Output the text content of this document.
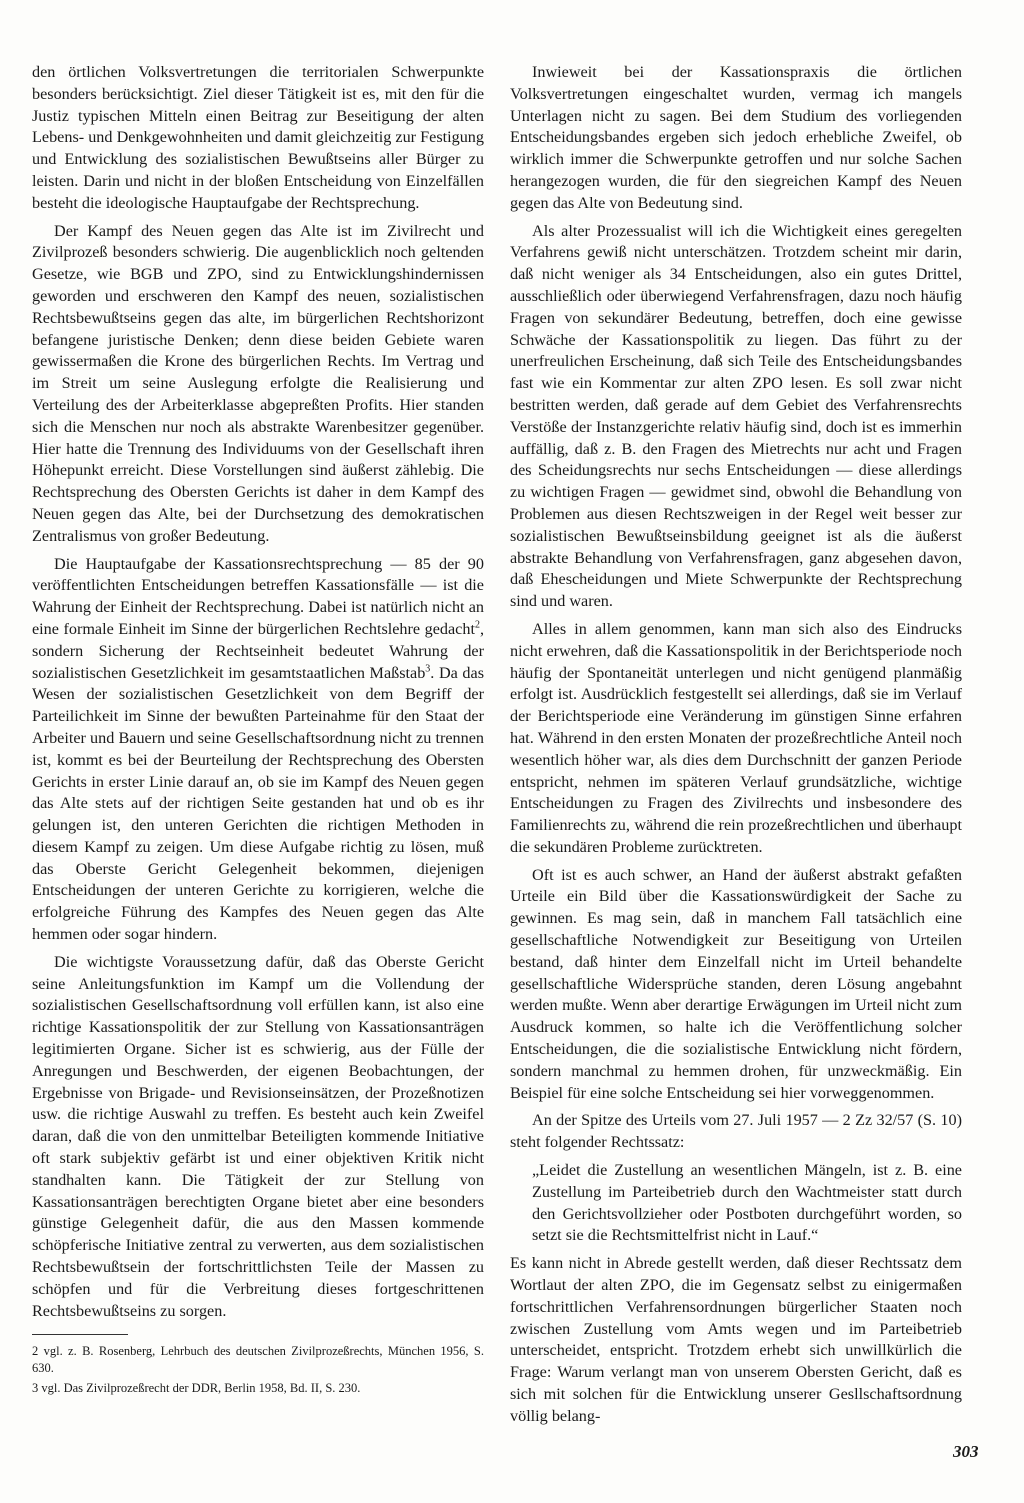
den örtlichen Volksvertretungen die territorialen Schwerpunkte besonders berücksichtigt. Ziel dieser Tätigkeit ist es, mit den für die Justiz typischen Mitteln einen Beitrag zur Beseitigung der alten Lebens- und Denkgewohnheiten und damit gleichzeitig zur Festigung und Entwicklung des sozialistischen Bewußtseins aller Bürger zu leisten. Darin und nicht in der bloßen Entscheidung von Einzelfällen besteht die ideologische Hauptaufgabe der Rechtsprechung.

Der Kampf des Neuen gegen das Alte ist im Zivilrecht und Zivilprozeß besonders schwierig. Die augenblicklich noch geltenden Gesetze, wie BGB und ZPO, sind zu Entwicklungshindernissen geworden und erschweren den Kampf des neuen, sozialistischen Rechtsbewußtseins gegen das alte, im bürgerlichen Rechtshorizont befangene juristische Denken; denn diese beiden Gebiete waren gewissermaßen die Krone des bürgerlichen Rechts. Im Vertrag und im Streit um seine Auslegung erfolgte die Realisierung und Verteilung des der Arbeiterklasse abgepreßten Profits. Hier standen sich die Menschen nur noch als abstrakte Warenbesitzer gegenüber. Hier hatte die Trennung des Individuums von der Gesellschaft ihren Höhepunkt erreicht. Diese Vorstellungen sind äußerst zählebig. Die Rechtsprechung des Obersten Gerichts ist daher in dem Kampf des Neuen gegen das Alte, bei der Durchsetzung des demokratischen Zentralismus von großer Bedeutung.

Die Hauptaufgabe der Kassationsrechtsprechung — 85 der 90 veröffentlichten Entscheidungen betreffen Kassationsfälle — ist die Wahrung der Einheit der Rechtsprechung. Dabei ist natürlich nicht an eine formale Einheit im Sinne der bürgerlichen Rechtslehre gedacht$^2$, sondern Sicherung der Rechtseinheit bedeutet Wahrung der sozialistischen Gesetzlichkeit im gesamtstaatlichen Maßstab$^3$. Da das Wesen der sozialistischen Gesetzlichkeit von dem Begriff der Parteilichkeit im Sinne der bewußten Parteinahme für den Staat der Arbeiter und Bauern und seine Gesellschaftsordnung nicht zu trennen ist, kommt es bei der Beurteilung der Rechtsprechung des Obersten Gerichts in erster Linie darauf an, ob sie im Kampf des Neuen gegen das Alte stets auf der richtigen Seite gestanden hat und ob es ihr gelungen ist, den unteren Gerichten die richtigen Methoden in diesem Kampf zu zeigen. Um diese Aufgabe richtig zu lösen, muß das Oberste Gericht Gelegenheit bekommen, diejenigen Entscheidungen der unteren Gerichte zu korrigieren, welche die erfolgreiche Führung des Kampfes des Neuen gegen das Alte hemmen oder sogar hindern.

Die wichtigste Voraussetzung dafür, daß das Oberste Gericht seine Anleitungsfunktion im Kampf um die Vollendung der sozialistischen Gesellschaftsordnung voll erfüllen kann, ist also eine richtige Kassationspolitik der zur Stellung von Kassationsanträgen legitimierten Organe. Sicher ist es schwierig, aus der Fülle der Anregungen und Beschwerden, der eigenen Beobachtungen, der Ergebnisse von Brigade- und Revisionseinsätzen, der Prozeßnotizen usw. die richtige Auswahl zu treffen. Es besteht auch kein Zweifel daran, daß die von den unmittelbar Beteiligten kommende Initiative oft stark subjektiv gefärbt ist und einer objektiven Kritik nicht standhalten kann. Die Tätigkeit der zur Stellung von Kassationsanträgen berechtigten Organe bietet aber eine besonders günstige Gelegenheit dafür, die aus den Massen kommende schöpferische Initiative zentral zu verwerten, aus dem sozialistischen Rechtsbewußtsein der fortschrittlichsten Teile der Massen zu schöpfen und für die Verbreitung dieses fortgeschrittenen Rechtsbewußtseins zu sorgen.

2 vgl. z. B. Rosenberg, Lehrbuch des deutschen Zivilprozeßrechts, München 1956, S. 630.

3 vgl. Das Zivilprozeßrecht der DDR, Berlin 1958, Bd. II, S. 230.

Inwieweit bei der Kassationspraxis die örtlichen Volksvertretungen eingeschaltet wurden, vermag ich mangels Unterlagen nicht zu sagen. Bei dem Studium des vorliegenden Entscheidungsbandes ergeben sich jedoch erhebliche Zweifel, ob wirklich immer die Schwerpunkte getroffen und nur solche Sachen herangezogen wurden, die für den siegreichen Kampf des Neuen gegen das Alte von Bedeutung sind.

Als alter Prozessualist will ich die Wichtigkeit eines geregelten Verfahrens gewiß nicht unterschätzen. Trotzdem scheint mir darin, daß nicht weniger als 34 Entscheidungen, also ein gutes Drittel, ausschließlich oder überwiegend Verfahrensfragen, dazu noch häufig Fragen von sekundärer Bedeutung, betreffen, doch eine gewisse Schwäche der Kassationspolitik zu liegen. Das führt zu der unerfreulichen Erscheinung, daß sich Teile des Entscheidungsbandes fast wie ein Kommentar zur alten ZPO lesen. Es soll zwar nicht bestritten werden, daß gerade auf dem Gebiet des Verfahrensrechts Verstöße der Instanzgerichte relativ häufig sind, doch ist es immerhin auffällig, daß z. B. den Fragen des Mietrechts nur acht und Fragen des Scheidungsrechts nur sechs Entscheidungen — diese allerdings zu wichtigen Fragen — gewidmet sind, obwohl die Behandlung von Problemen aus diesen Rechtszweigen in der Regel weit besser zur sozialistischen Bewußtseinsbildung geeignet ist als die äußerst abstrakte Behandlung von Verfahrensfragen, ganz abgesehen davon, daß Ehescheidungen und Miete Schwerpunkte der Rechtsprechung sind und waren.

Alles in allem genommen, kann man sich also des Eindrucks nicht erwehren, daß die Kassationspolitik in der Berichtsperiode noch häufig der Spontaneität unterlegen und nicht genügend planmäßig erfolgt ist. Ausdrücklich festgestellt sei allerdings, daß sie im Verlauf der Berichtsperiode eine Veränderung im günstigen Sinne erfahren hat. Während in den ersten Monaten der prozeßrechtliche Anteil noch wesentlich höher war, als dies dem Durchschnitt der ganzen Periode entspricht, nehmen im späteren Verlauf grundsätzliche, wichtige Entscheidungen zu Fragen des Zivilrechts und insbesondere des Familienrechts zu, während die rein prozeßrechtlichen und überhaupt die sekundären Probleme zurücktreten.

Oft ist es auch schwer, an Hand der äußerst abstrakt gefaßten Urteile ein Bild über die Kassationswürdigkeit der Sache zu gewinnen. Es mag sein, daß in manchem Fall tatsächlich eine gesellschaftliche Notwendigkeit zur Beseitigung von Urteilen bestand, daß hinter dem Einzelfall nicht im Urteil behandelte gesellschaftliche Widersprüche standen, deren Lösung angebahnt werden mußte. Wenn aber derartige Erwägungen im Urteil nicht zum Ausdruck kommen, so halte ich die Veröffentlichung solcher Entscheidungen, die die sozialistische Entwicklung nicht fördern, sondern manchmal zu hemmen drohen, für unzweckmäßig. Ein Beispiel für eine solche Entscheidung sei hier vorweggenommen.

An der Spitze des Urteils vom 27. Juli 1957 — 2 Zz 32/57 (S. 10) steht folgender Rechtssatz:

„Leidet die Zustellung an wesentlichen Mängeln, ist z. B. eine Zustellung im Parteibetrieb durch den Wachtmeister statt durch den Gerichtsvollzieher oder Postboten durchgeführt worden, so setzt sie die Rechtsmittelfrist nicht in Lauf.“

Es kann nicht in Abrede gestellt werden, daß dieser Rechtssatz dem Wortlaut der alten ZPO, die im Gegensatz selbst zu einigermaßen fortschrittlichen Verfahrensordnungen bürgerlicher Staaten noch zwischen Zustellung vom Amts wegen und im Parteibetrieb unterscheidet, entspricht. Trotzdem erhebt sich unwillkürlich die Frage: Warum verlangt man von unserem Obersten Gericht, daß es sich mit solchen für die Entwicklung unserer Gesllschaftsordnung völlig belang-

303
